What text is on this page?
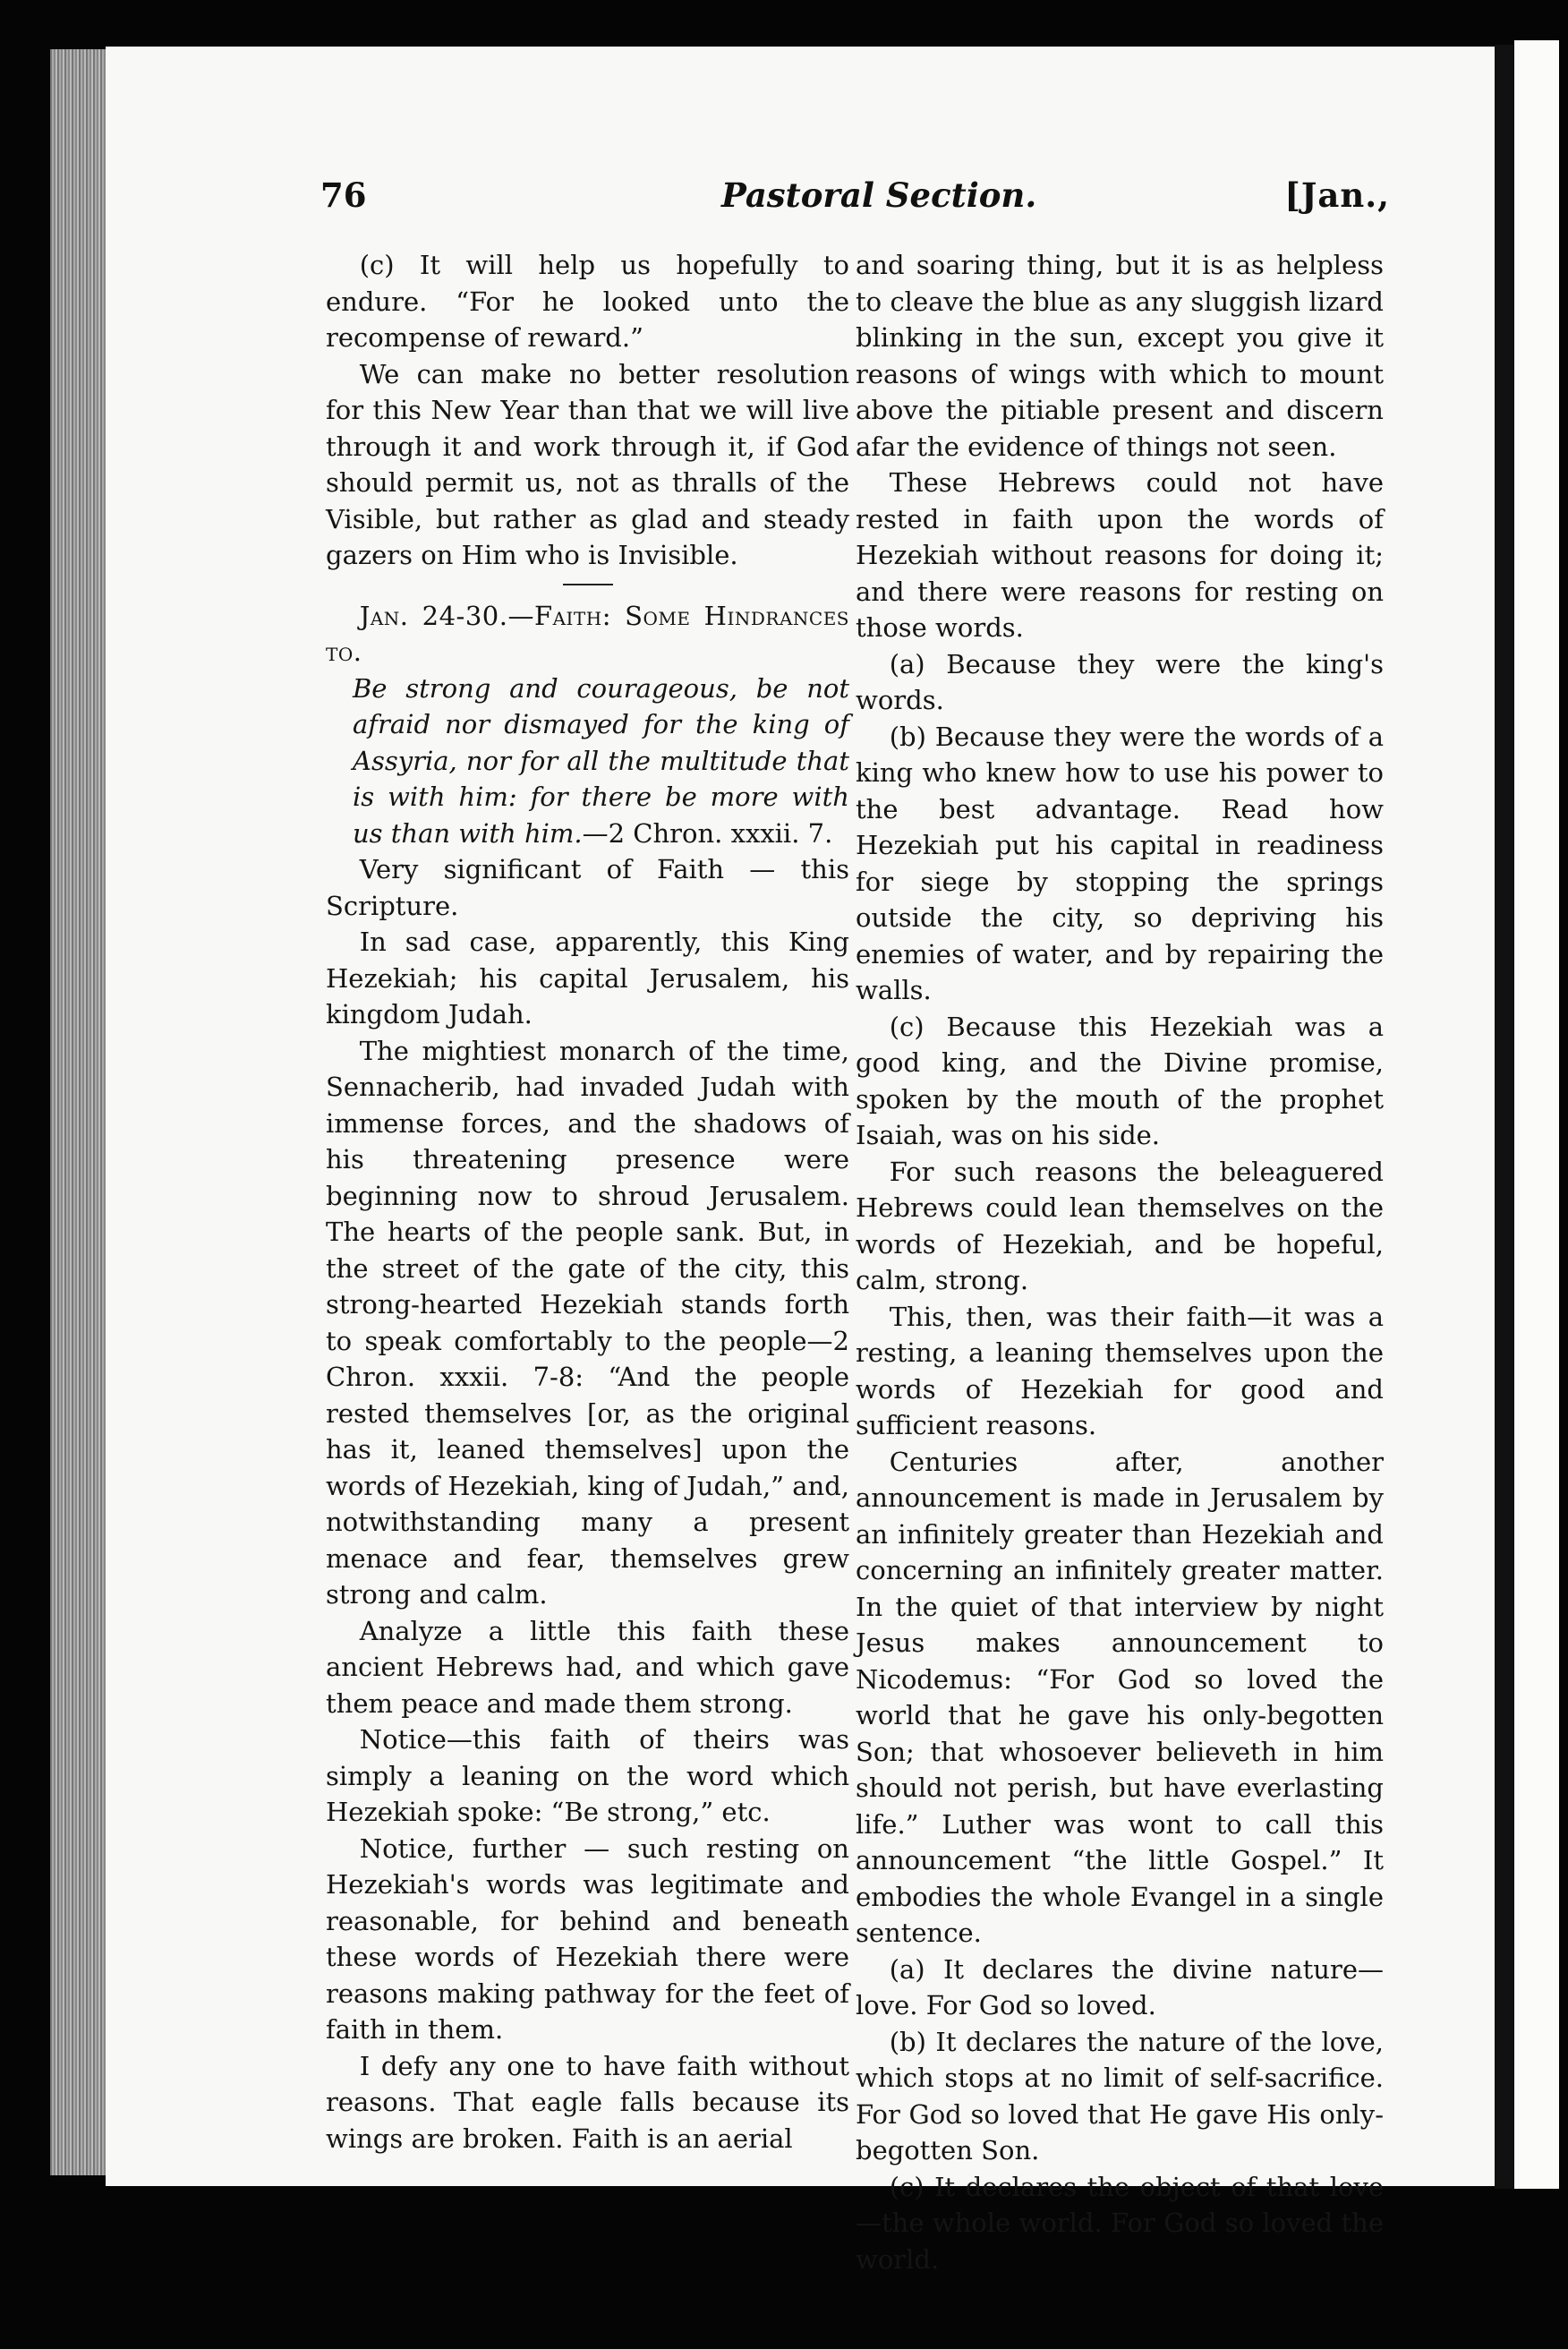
76	Pastoral Section.	[Jan.,

(c) It will help us hopefully to endure. “For he looked unto the recompense of reward.”

We can make no better resolution for this New Year than that we will live through it and work through it, if God should permit us, not as thralls of the Visible, but rather as glad and steady gazers on Him who is Invisible.

Jan. 24-30.—Faith: Some Hindrances to.

Be strong and courageous, be not afraid nor dismayed for the king of Assyria, nor for all the multitude that is with him: for there be more with us than with him.—2 Chron. xxxii. 7.

Very significant of Faith — this Scripture.

In sad case, apparently, this King Hezekiah; his capital Jerusalem, his kingdom Judah.

The mightiest monarch of the time, Sennacherib, had invaded Judah with immense forces, and the shadows of his threatening presence were beginning now to shroud Jerusalem. The hearts of the people sank. But, in the street of the gate of the city, this strong-hearted Hezekiah stands forth to speak comfortably to the people—2 Chron. xxxii. 7-8: “And the people rested themselves [or, as the original has it, leaned themselves] upon the words of Hezekiah, king of Judah,” and, notwithstanding many a present menace and fear, themselves grew strong and calm.

Analyze a little this faith these ancient Hebrews had, and which gave them peace and made them strong.

Notice—this faith of theirs was simply a leaning on the word which Hezekiah spoke: “Be strong,” etc.

Notice, further — such resting on Hezekiah's words was legitimate and reasonable, for behind and beneath these words of Hezekiah there were reasons making pathway for the feet of faith in them.

I defy any one to have faith without reasons. That eagle falls because its wings are broken. Faith is an aerial

and soaring thing, but it is as helpless to cleave the blue as any sluggish lizard blinking in the sun, except you give it reasons of wings with which to mount above the pitiable present and discern afar the evidence of things not seen.

These Hebrews could not have rested in faith upon the words of Hezekiah without reasons for doing it; and there were reasons for resting on those words.

(a) Because they were the king's words.

(b) Because they were the words of a king who knew how to use his power to the best advantage. Read how Hezekiah put his capital in readiness for siege by stopping the springs outside the city, so depriving his enemies of water, and by repairing the walls.

(c) Because this Hezekiah was a good king, and the Divine promise, spoken by the mouth of the prophet Isaiah, was on his side.

For such reasons the beleaguered Hebrews could lean themselves on the words of Hezekiah, and be hopeful, calm, strong.

This, then, was their faith—it was a resting, a leaning themselves upon the words of Hezekiah for good and sufficient reasons.

Centuries after, another announcement is made in Jerusalem by an infinitely greater than Hezekiah and concerning an infinitely greater matter. In the quiet of that interview by night Jesus makes announcement to Nicodemus: “For God so loved the world that he gave his only-begotten Son; that whosoever believeth in him should not perish, but have everlasting life.” Luther was wont to call this announcement “the little Gospel.” It embodies the whole Evangel in a single sentence.

(a) It declares the divine nature—love. For God so loved.

(b) It declares the nature of the love, which stops at no limit of self-sacrifice. For God so loved that He gave His only-begotten Son.

(c) It declares the object of that love —the whole world. For God so loved the world.
